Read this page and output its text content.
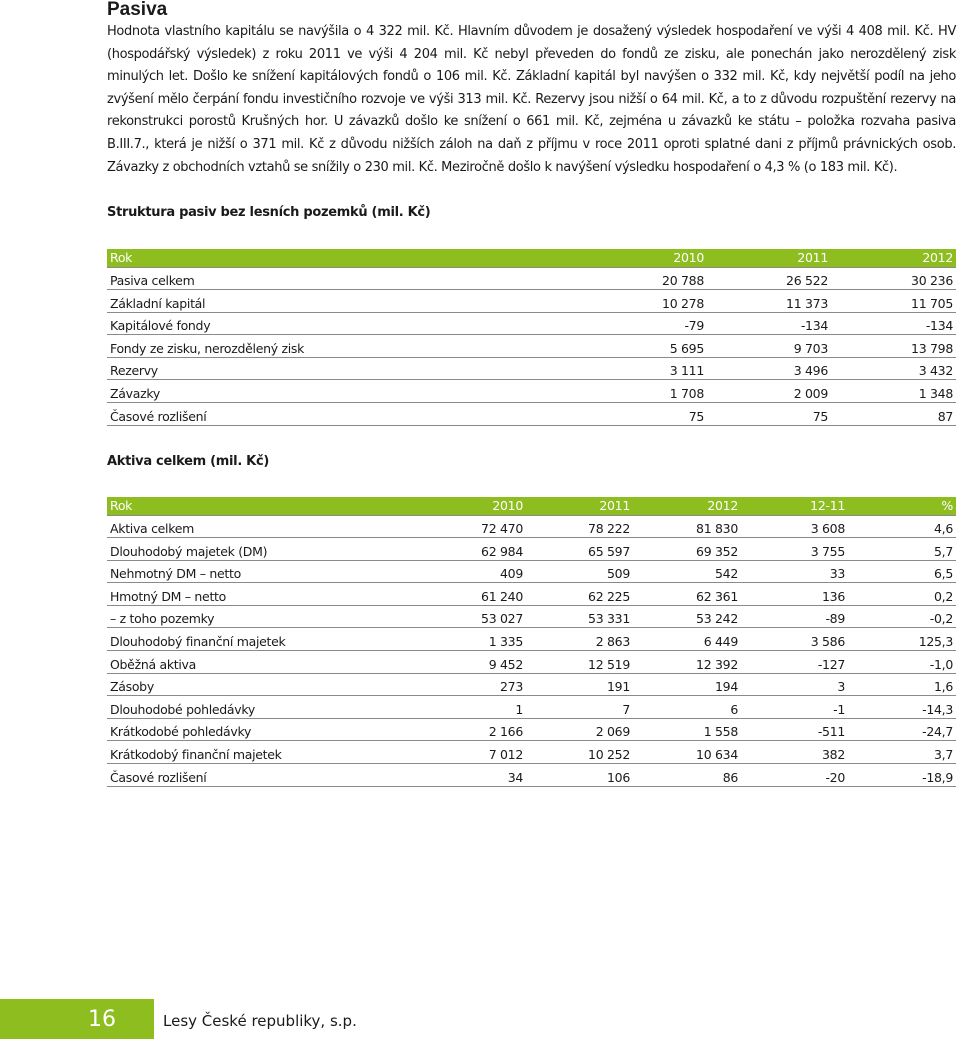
Pasiva

Hodnota vlastního kapitálu se navýšila o 4 322 mil. Kč. Hlavním důvodem je dosažený výsledek hospodaření ve výši 4 408 mil. Kč. HV (hospodářský výsledek) z roku 2011 ve výši 4 204 mil. Kč nebyl převeden do fondů ze zisku, ale ponechán jako nerozdělený zisk minulých let. Došlo ke snížení kapitálových fondů o 106 mil. Kč. Základní kapitál byl navýšen o 332 mil. Kč, kdy největší podíl na jeho zvýšení mělo čerpání fondu investičního rozvoje ve výši 313 mil. Kč. Rezervy jsou nižší o 64 mil. Kč, a to z důvodu rozpuštění rezervy na rekonstrukci porostů Krušných hor. U závazků došlo ke snížení o 661 mil. Kč, zejména u závazků ke státu – položka rozvaha pasiva B.III.7., která je nižší o 371 mil. Kč z důvodu nižších záloh na daň z příjmu v roce 2011 oproti splatné dani z příjmů právnických osob. Závazky z obchodních vztahů se snížily o 230 mil. Kč. Meziročně došlo k navýšení výsledku hospodaření o 4,3 % (o 183 mil. Kč).

Struktura pasiv bez lesních pozemků (mil. Kč)
Rok	2010	2011	2012
Pasiva celkem	20 788	26 522	30 236
Základní kapitál	10 278	11 373	11 705
Kapitálové fondy	-79	-134	-134
Fondy ze zisku, nerozdělený zisk	5 695	9 703	13 798
Rezervy	3 111	3 496	3 432
Závazky	1 708	2 009	1 348
Časové rozlišení	75	75	87
Aktiva celkem (mil. Kč)
Rok	2010	2011	2012	12-11	%
Aktiva celkem	72 470	78 222	81 830	3 608	4,6
Dlouhodobý majetek (DM)	62 984	65 597	69 352	3 755	5,7
Nehmotný DM – netto	409	509	542	33	6,5
Hmotný DM – netto	61 240	62 225	62 361	136	0,2
– z toho pozemky	53 027	53 331	53 242	-89	-0,2
Dlouhodobý finanční majetek	1 335	2 863	6 449	3 586	125,3
Oběžná aktiva	9 452	12 519	12 392	-127	-1,0
Zásoby	273	191	194	3	1,6
Dlouhodobé pohledávky	1	7	6	-1	-14,3
Krátkodobé pohledávky	2 166	2 069	1 558	-511	-24,7
Krátkodobý finanční majetek	7 012	10 252	10 634	382	3,7
Časové rozlišení	34	106	86	-20	-18,9
16	Lesy České republiky, s.p.
